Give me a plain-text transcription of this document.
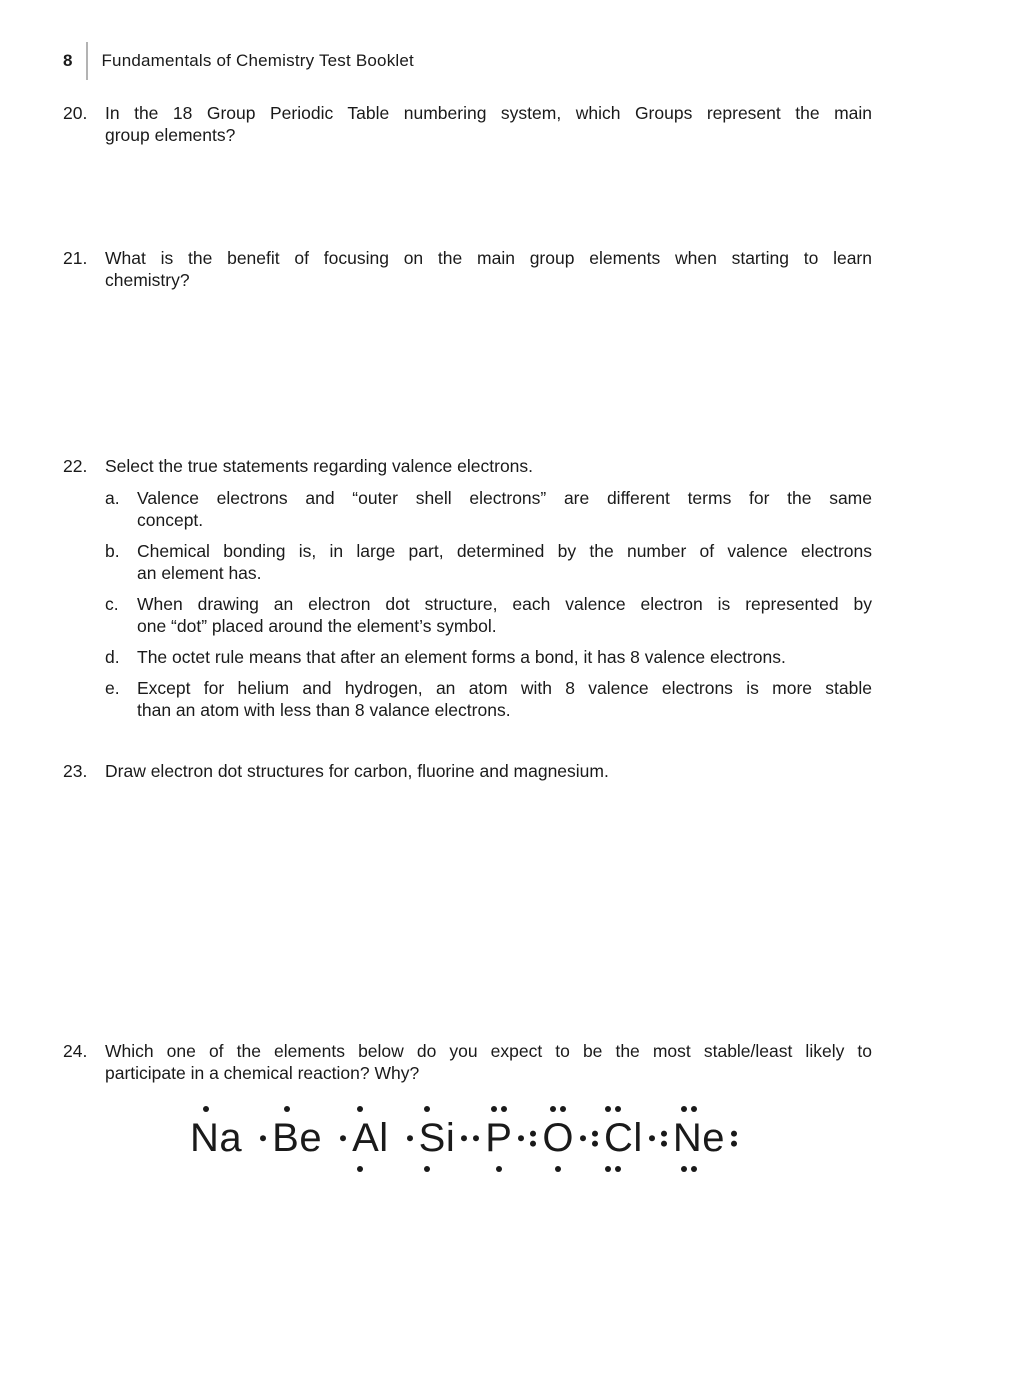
8 Fundamentals of Chemistry Test Booklet
20.	In the 18 Group Periodic Table numbering system, which Groups represent the main
group elements?
21.	What is the benefit of focusing on the main group elements when starting to learn
chemistry?
22.	Select the true statements regarding valence electrons.
a. Valence electrons and “outer shell electrons” are different terms for the same
concept.
b. Chemical bonding is, in large part, determined by the number of valence electrons
an element has.
c.	When drawing an electron dot structure, each valence electron is represented by
one “dot” placed around the element’s symbol.
d. The octet rule means that after an element forms a bond, it has 8 valence electrons.
e. Except for helium and hydrogen, an atom with 8 valence electrons is more stable
than an atom with less than 8 valance electrons.
23.	Draw electron dot structures for carbon, fluorine and magnesium.
24.	Which one of the elements below do you expect to be the most stable/least likely to
participate in a chemical reaction? Why?
Na Be Al Si P O Cl Ne
